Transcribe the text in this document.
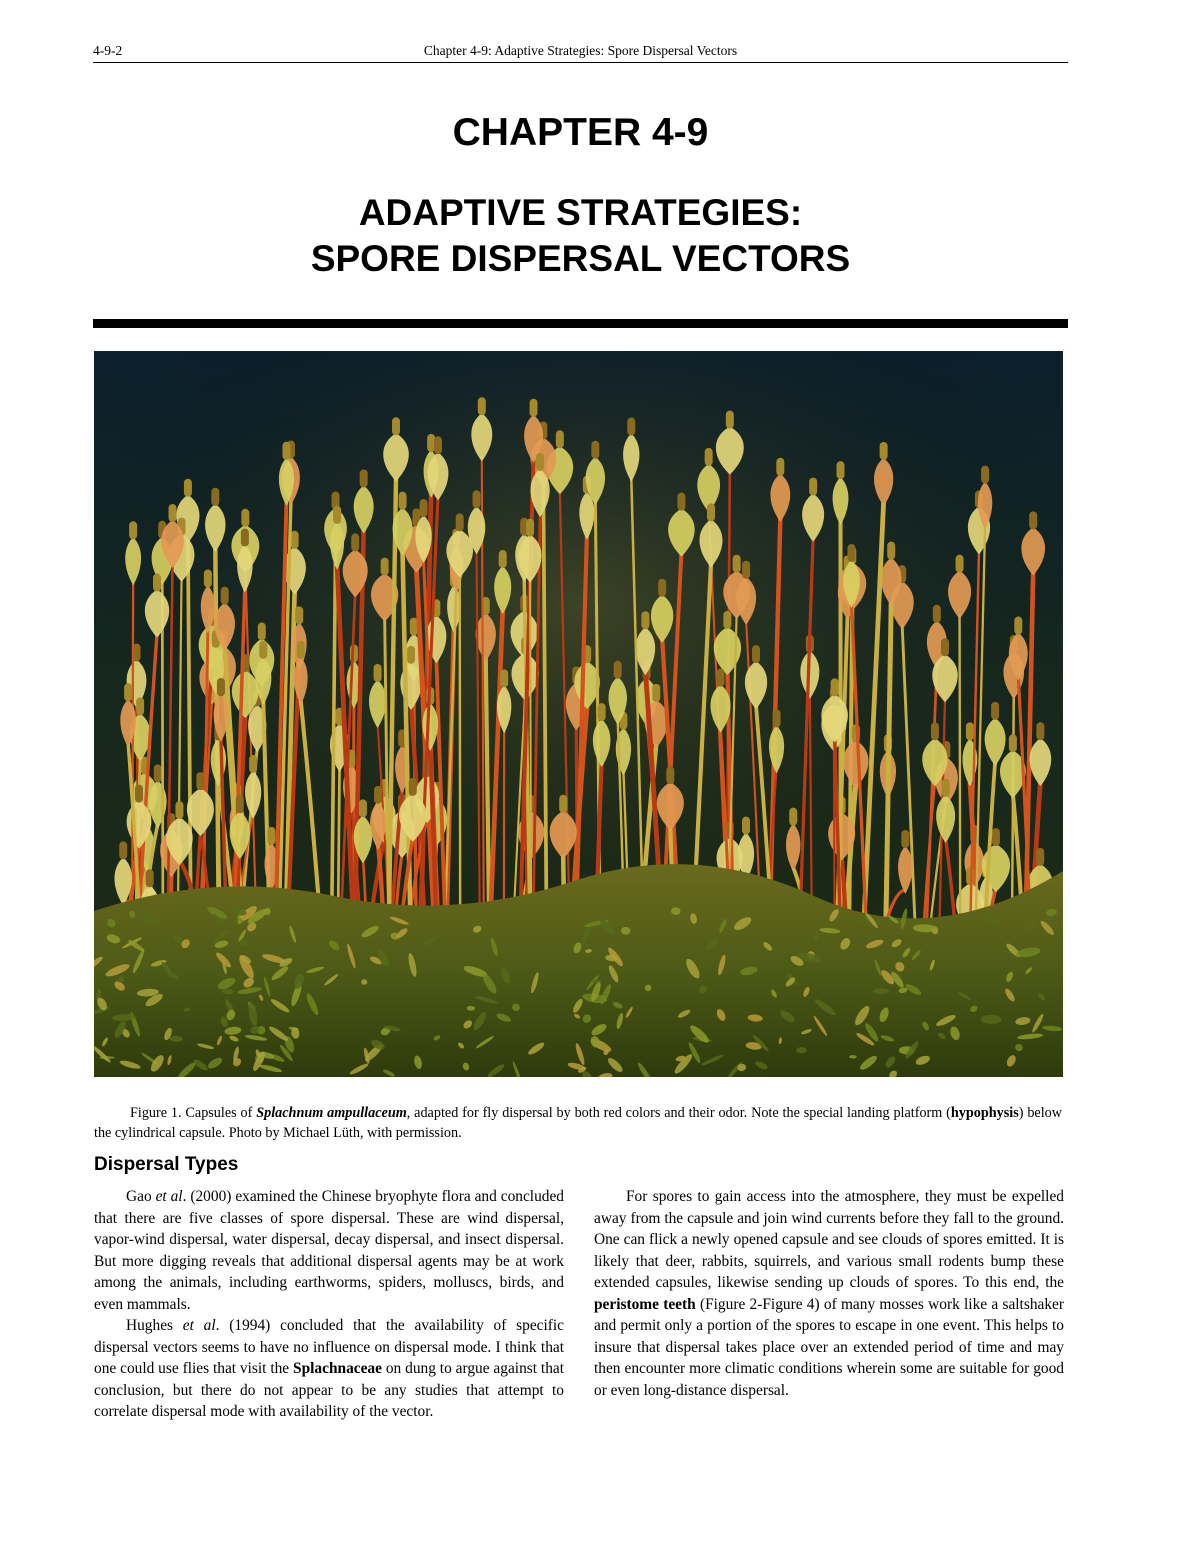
4-9-2	Chapter 4-9: Adaptive Strategies: Spore Dispersal Vectors
CHAPTER 4-9
ADAPTIVE STRATEGIES:
SPORE DISPERSAL VECTORS

Figure 1. Capsules of Splachnum ampullaceum, adapted for fly dispersal by both red colors and their odor. Note the special landing platform (hypophysis) below the cylindrical capsule. Photo by Michael Lüth, with permission.

Dispersal Types

Gao et al. (2000) examined the Chinese bryophyte flora and concluded that there are five classes of spore dispersal. These are wind dispersal, vapor-wind dispersal, water dispersal, decay dispersal, and insect dispersal. But more digging reveals that additional dispersal agents may be at work among the animals, including earthworms, spiders, molluscs, birds, and even mammals.

Hughes et al. (1994) concluded that the availability of specific dispersal vectors seems to have no influence on dispersal mode. I think that one could use flies that visit the Splachnaceae on dung to argue against that conclusion, but there do not appear to be any studies that attempt to correlate dispersal mode with availability of the vector.

For spores to gain access into the atmosphere, they must be expelled away from the capsule and join wind currents before they fall to the ground. One can flick a newly opened capsule and see clouds of spores emitted. It is likely that deer, rabbits, squirrels, and various small rodents bump these extended capsules, likewise sending up clouds of spores. To this end, the peristome teeth (Figure 2-Figure 4) of many mosses work like a saltshaker and permit only a portion of the spores to escape in one event. This helps to insure that dispersal takes place over an extended period of time and may then encounter more climatic conditions wherein some are suitable for good or even long-distance dispersal.
